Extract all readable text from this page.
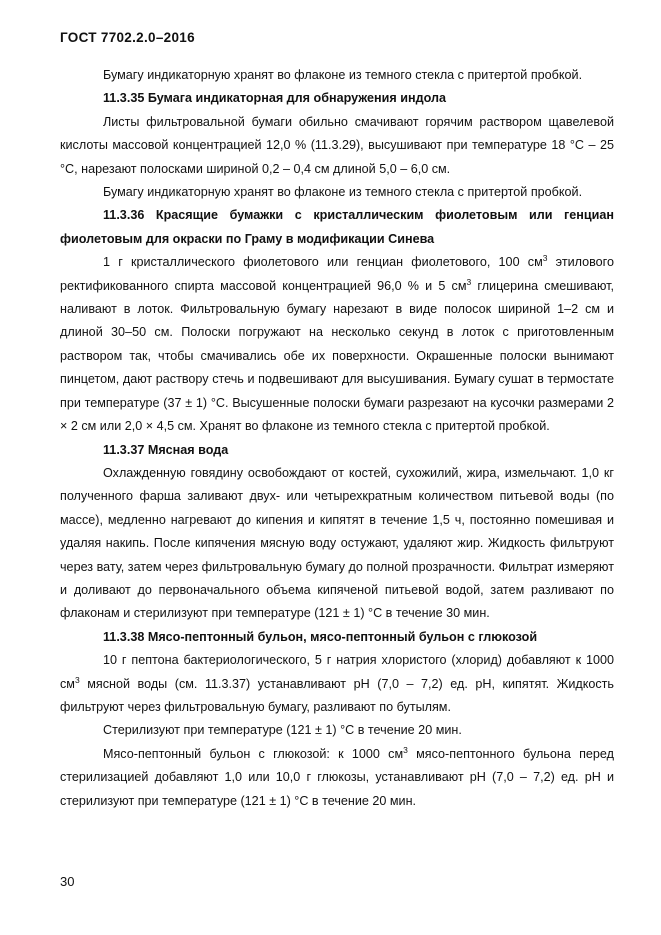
ГОСТ 7702.2.0–2016

Бумагу индикаторную хранят во флаконе из темного стекла с притертой пробкой.

11.3.35 Бумага индикаторная для обнаружения индола

Листы фильтровальной бумаги обильно смачивают горячим раствором щавелевой кислоты массовой концентрацией 12,0 % (11.3.29), высушивают при температуре 18 °С – 25 °С, нарезают полосками шириной 0,2 – 0,4 см длиной 5,0 – 6,0 см.

Бумагу индикаторную хранят во флаконе из темного стекла с притертой пробкой.

11.3.36 Красящие бумажки с кристаллическим фиолетовым или генциан фиолетовым для окраски по Граму в модификации Синева

1 г кристаллического фиолетового или генциан фиолетового, 100 $см^3$ этилового ректификованного спирта массовой концентрацией 96,0 % и 5 $см^3$ глицерина смешивают, наливают в лоток. Фильтровальную бумагу нарезают в виде полосок шириной 1–2 см и длиной 30–50 см. Полоски погружают на несколько секунд в лоток с приготовленным раствором так, чтобы смачивались обе их поверхности. Окрашенные полоски вынимают пинцетом, дают раствору стечь и подвешивают для высушивания. Бумагу сушат в термостате при температуре (37 ± 1) °С. Высушенные полоски бумаги разрезают на кусочки размерами 2 × 2 см или 2,0 × 4,5 см. Хранят во флаконе из темного стекла с притертой пробкой.

11.3.37 Мясная вода

Охлажденную говядину освобождают от костей, сухожилий, жира, измельчают. 1,0 кг полученного фарша заливают двух- или четырехкратным количеством питьевой воды (по массе), медленно нагревают до кипения и кипятят в течение 1,5 ч, постоянно помешивая и удаляя накипь. После кипячения мясную воду остужают, удаляют жир. Жидкость фильтруют через вату, затем через фильтровальную бумагу до полной прозрачности. Фильтрат измеряют и доливают до первоначального объема кипяченой питьевой водой, затем разливают по флаконам и стерилизуют при температуре (121 ± 1) °С в течение 30 мин.

11.3.38 Мясо-пептонный бульон, мясо-пептонный бульон с глюкозой

10 г пептона бактериологического, 5 г натрия хлористого (хлорид) добавляют к 1000 $см^3$ мясной воды (см. 11.3.37) устанавливают рН (7,0 – 7,2) ед. рН, кипятят. Жидкость фильтруют через фильтровальную бумагу, разливают по бутылям.

Стерилизуют при температуре (121 ± 1) °С в течение 20 мин.

Мясо-пептонный бульон с глюкозой: к 1000 $см^3$ мясо-пептонного бульона перед стерилизацией добавляют 1,0 или 10,0 г глюкозы, устанавливают рН (7,0 – 7,2) ед. рН и стерилизуют при температуре (121 ± 1) °С в течение 20 мин.

30
